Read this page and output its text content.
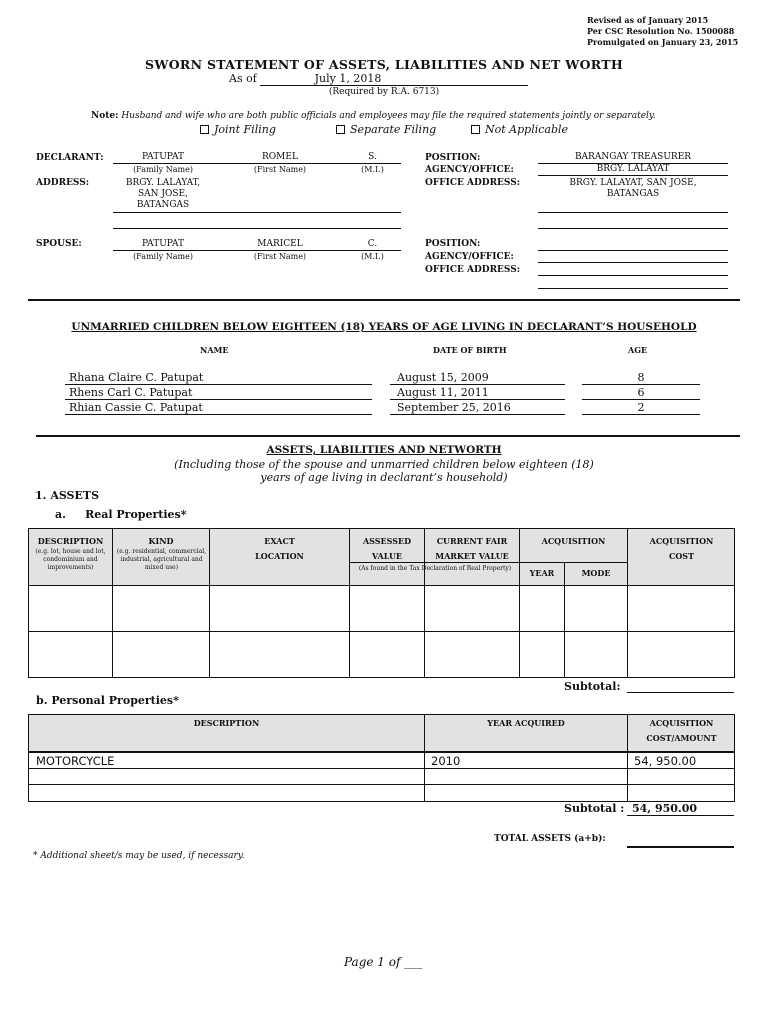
Revised as of January 2015
Per CSC Resolution No. 1500088
Promulgated on January 23, 2015
SWORN STATEMENT OF ASSETS, LIABILITIES AND NET WORTH
As of	July 1, 2018
(Required by R.A. 6713)
Note: Husband and wife who are both public officials and employees may file the required statements jointly or separately.
Joint Filing	Separate Filing	Not Applicable
DECLARANT:	PATUPAT	ROMEL	S.
(Family Name)	(First Name)	(M.I.)
ADDRESS:	BRGY. LALAYAT,
SAN JOSE,
BATANGAS
POSITION:	BARANGAY TREASURER
AGENCY/OFFICE:	BRGY. LALAYAT
OFFICE ADDRESS:	BRGY. LALAYAT, SAN JOSE,
BATANGAS
SPOUSE:	PATUPAT	MARICEL	C.
(Family Name)	(First Name)	(M.I.)
POSITION:
AGENCY/OFFICE:
OFFICE ADDRESS:
UNMARRIED CHILDREN BELOW EIGHTEEN (18) YEARS OF AGE LIVING IN DECLARANT’S HOUSEHOLD
NAME	DATE OF BIRTH	AGE
Rhana Claire C. Patupat	August 15, 2009	8
Rhens Carl C. Patupat	August 11, 2011	6
Rhian Cassie C. Patupat	September 25, 2016	2
ASSETS, LIABILITIES AND NETWORTH
(Including those of the spouse and unmarried children below eighteen (18)
years of age living in declarant’s household)
1. ASSETS
a.     Real Properties*
DESCRIPTION
(e.g. lot, house and lot, condominium and improvements)
KIND
(e.g. residential, commercial, industrial, agricultural and mixed use)
EXACT
LOCATION
ASSESSED
VALUE
CURRENT FAIR
MARKET VALUE
(As found in the Tax Declaration of Real Property)
ACQUISITION
YEAR	MODE
ACQUISITION
COST
Subtotal:
b. Personal Properties*
DESCRIPTION	YEAR ACQUIRED	ACQUISITION
COST/AMOUNT
MOTORCYCLE	2010	54, 950.00
Subtotal : 54, 950.00
TOTAL ASSETS (a+b):
* Additional sheet/s may be used, if necessary.
Page 1 of ___
